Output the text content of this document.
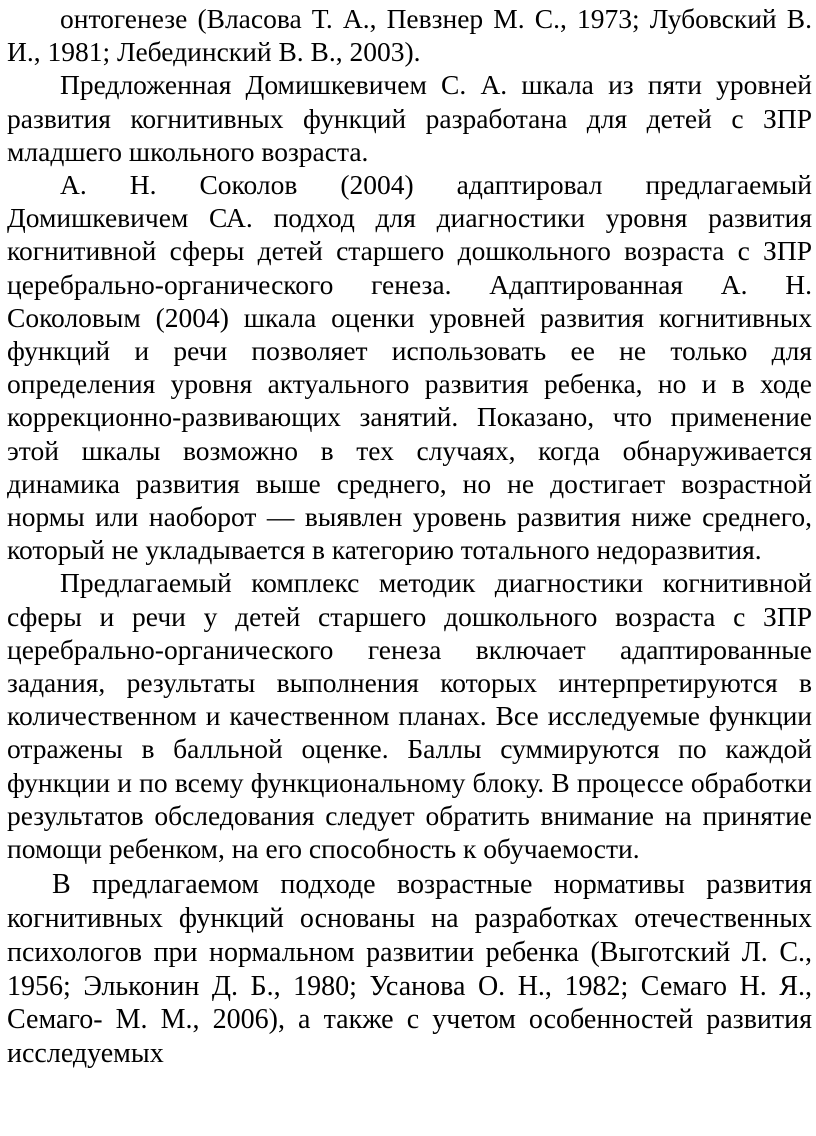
онтогенезе (Власова Т. А., Певзнер М. С., 1973; Лубовский В. И., 1981; Лебединский В. В., 2003).

Предложенная Домишкевичем С. А. шкала из пяти уровней развития когнитивных функций разработана для детей с ЗПР младшего школьного возраста.

А. Н. Соколов (2004) адаптировал предлагаемый Домишкевичем СА. подход для диагностики уровня развития когнитивной сферы детей старшего дошкольного возраста с ЗПР церебрально-органического генеза. Адаптированная А. Н. Соколовым (2004) шкала оценки уровней развития когнитивных функций и речи позволяет использовать ее не только для определения уровня актуального развития ребенка, но и в ходе коррекционно-развивающих занятий. Показано, что применение этой шкалы возможно в тех случаях, когда обнаруживается динамика развития выше среднего, но не достигает возрастной нормы или наоборот — выявлен уровень развития ниже среднего, который не укладывается в категорию тотального недоразвития.

Предлагаемый комплекс методик диагностики когнитивной сферы и речи у детей старшего дошкольного возраста с ЗПР церебрально-органического генеза включает адаптированные задания, результаты выполнения которых интерпретируются в количественном и качественном планах. Все исследуемые функции отражены в балльной оценке. Баллы суммируются по каждой функции и по всему функциональному блоку. В процессе обработки результатов обследования следует обратить внимание на принятие помощи ребенком, на его способность к обучаемости.

В предлагаемом подходе возрастные нормативы развития когнитивных функций основаны на разработках отечественных психологов при нормальном развитии ребенка (Выготский Л. С., 1956; Эльконин Д. Б., 1980; Усанова О. Н., 1982; Семаго Н. Я., Семаго- М. М., 2006), а также с учетом особенностей развития исследуемых
